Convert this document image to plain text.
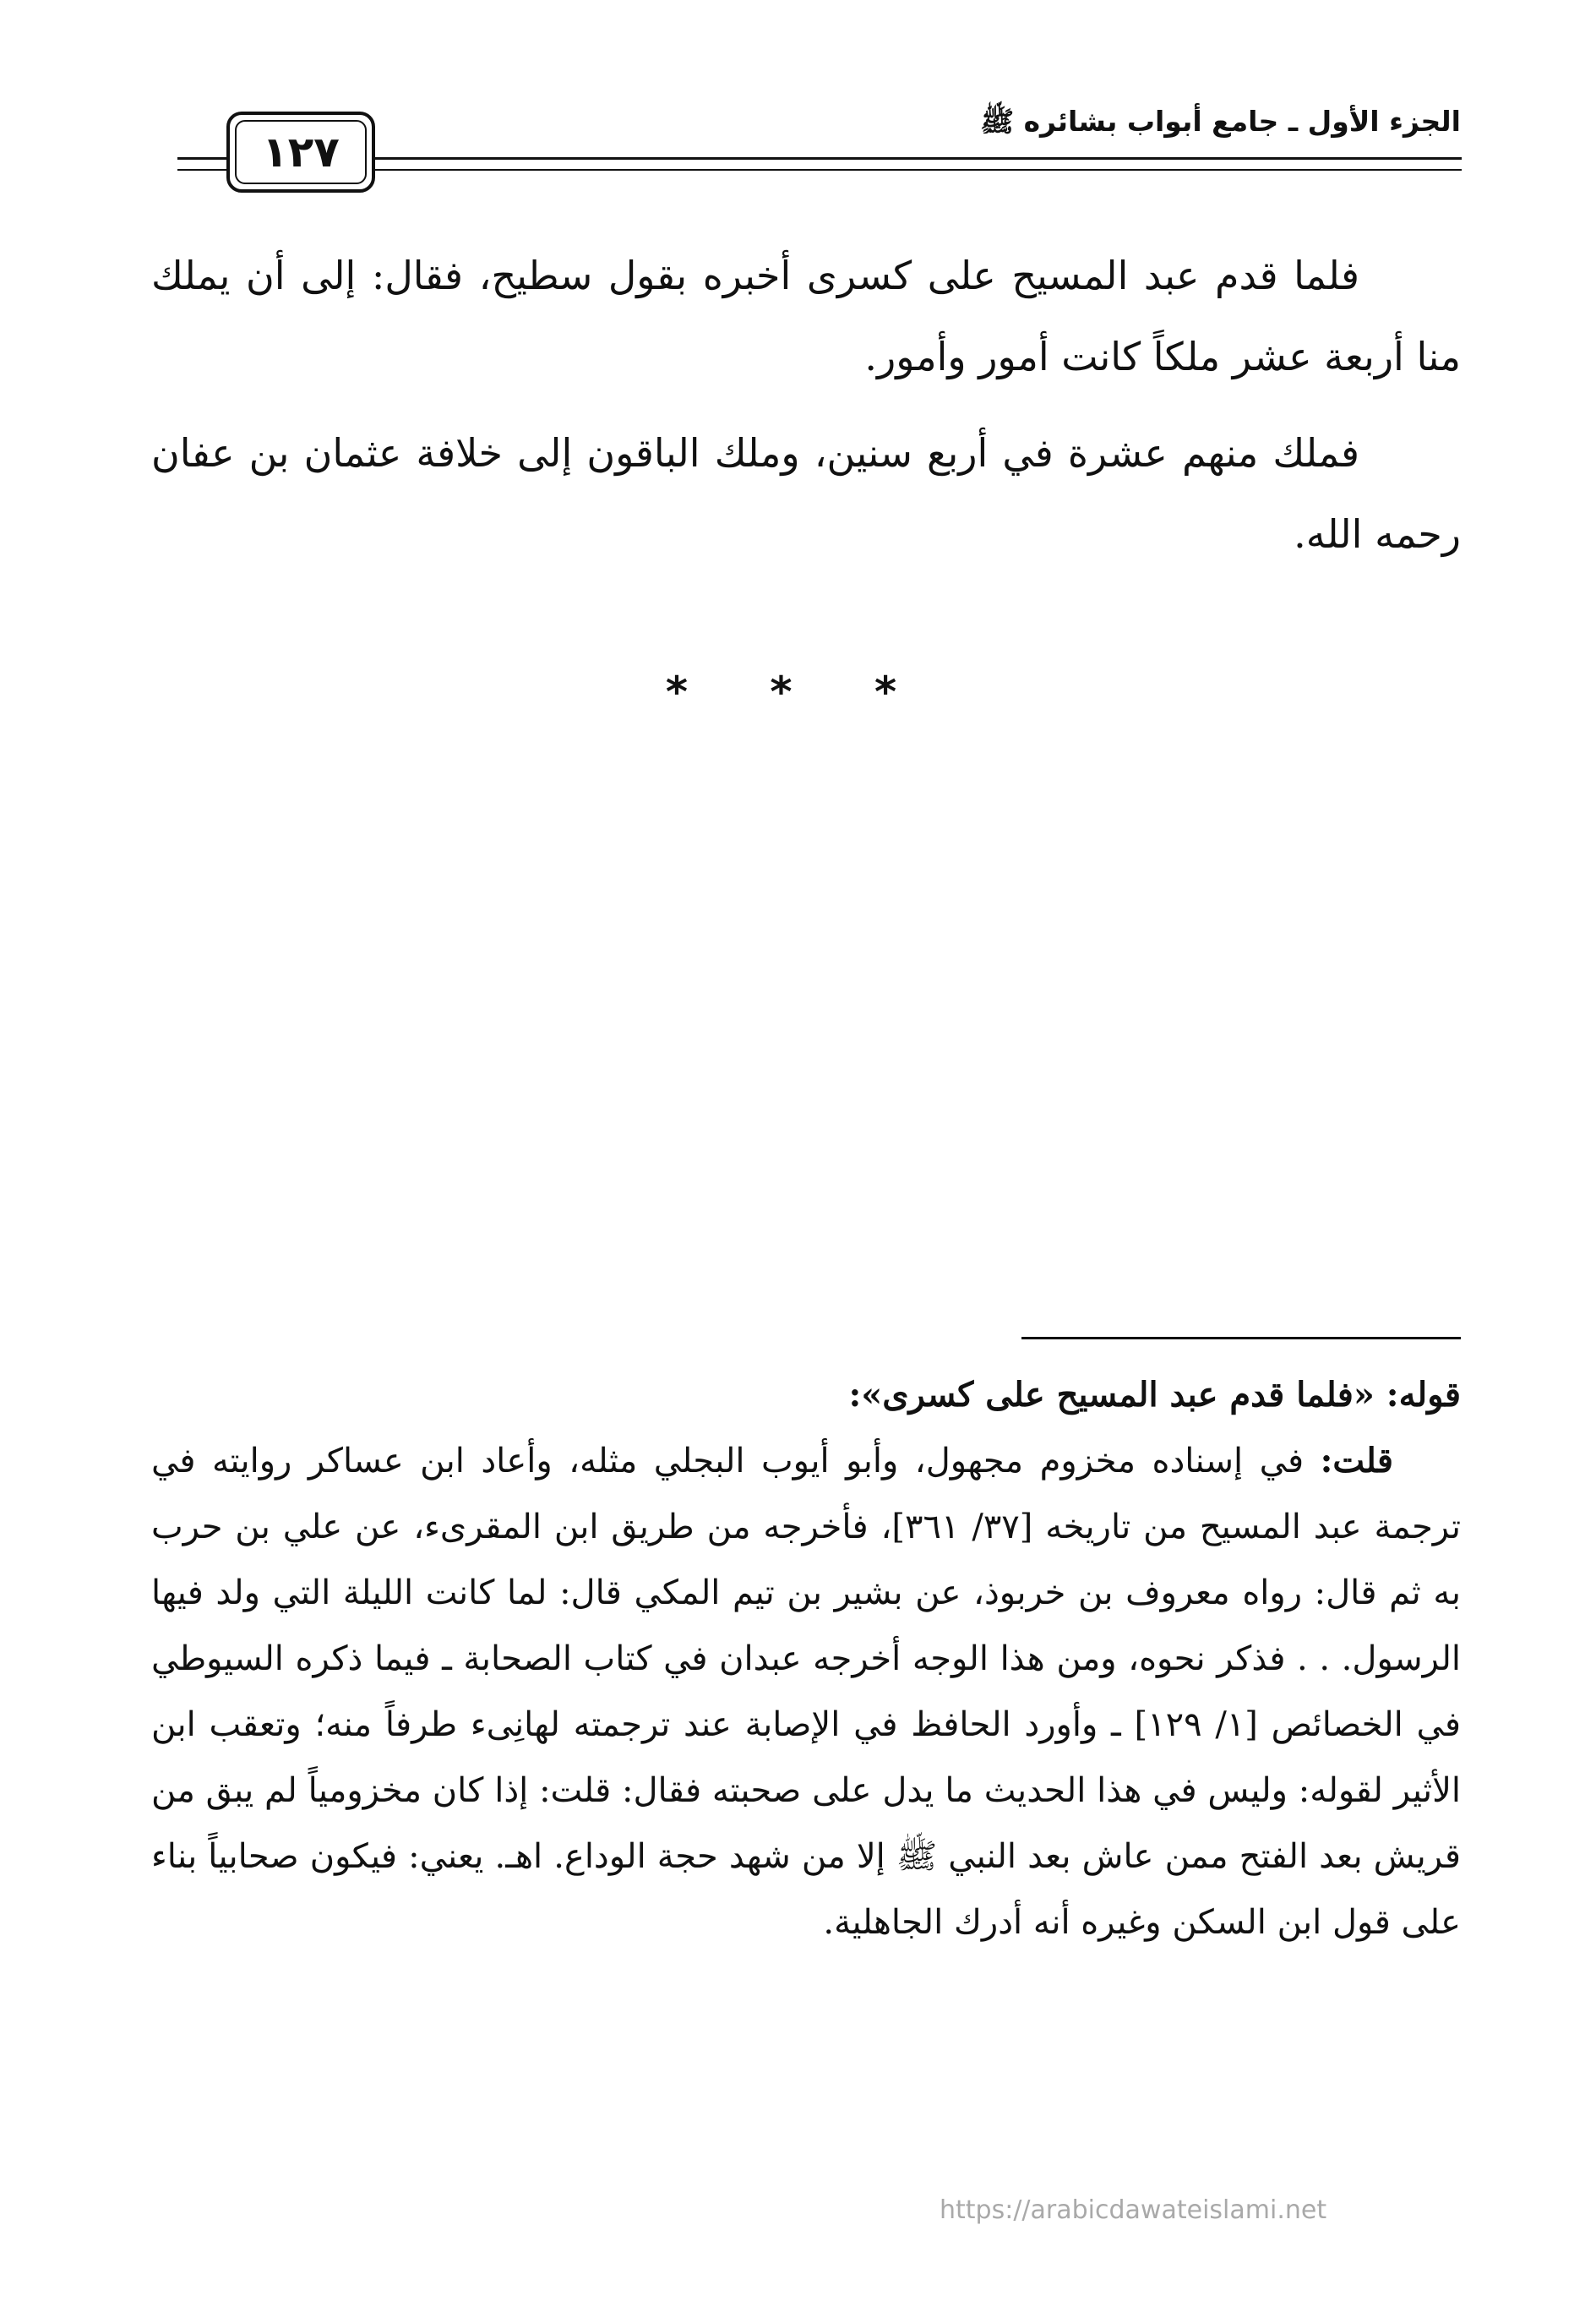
الجزء الأول ـ جامع أبواب بشائره ﷺ
١٢٧

فلما قدم عبد المسيح على كسرى أخبره بقول سطيح، فقال: إلى أن يملك منا أربعة عشر ملكاً كانت أمور وأمور.

فملك منهم عشرة في أربع سنين، وملك الباقون إلى خلافة عثمان بن عفان رحمه الله.

* * *

قوله: «فلما قدم عبد المسيح على كسرى»:

قلت: في إسناده مخزوم مجهول، وأبو أيوب البجلي مثله، وأعاد ابن عساكر روايته في ترجمة عبد المسيح من تاريخه [٣٧/ ٣٦١]، فأخرجه من طريق ابن المقرىء، عن علي بن حرب به ثم قال: رواه معروف بن خربوذ، عن بشير بن تيم المكي قال: لما كانت الليلة التي ولد فيها الرسول. . . فذكر نحوه، ومن هذا الوجه أخرجه عبدان في كتاب الصحابة ـ فيما ذكره السيوطي في الخصائص [١/ ١٢٩] ـ وأورد الحافظ في الإصابة عند ترجمته لهانِىء طرفاً منه؛ وتعقب ابن الأثير لقوله: وليس في هذا الحديث ما يدل على صحبته فقال: قلت: إذا كان مخزومياً لم يبق من قريش بعد الفتح ممن عاش بعد النبي ﷺ إلا من شهد حجة الوداع. اهـ. يعني: فيكون صحابياً بناء على قول ابن السكن وغيره أنه أدرك الجاهلية.

https://arabicdawateislami.net
